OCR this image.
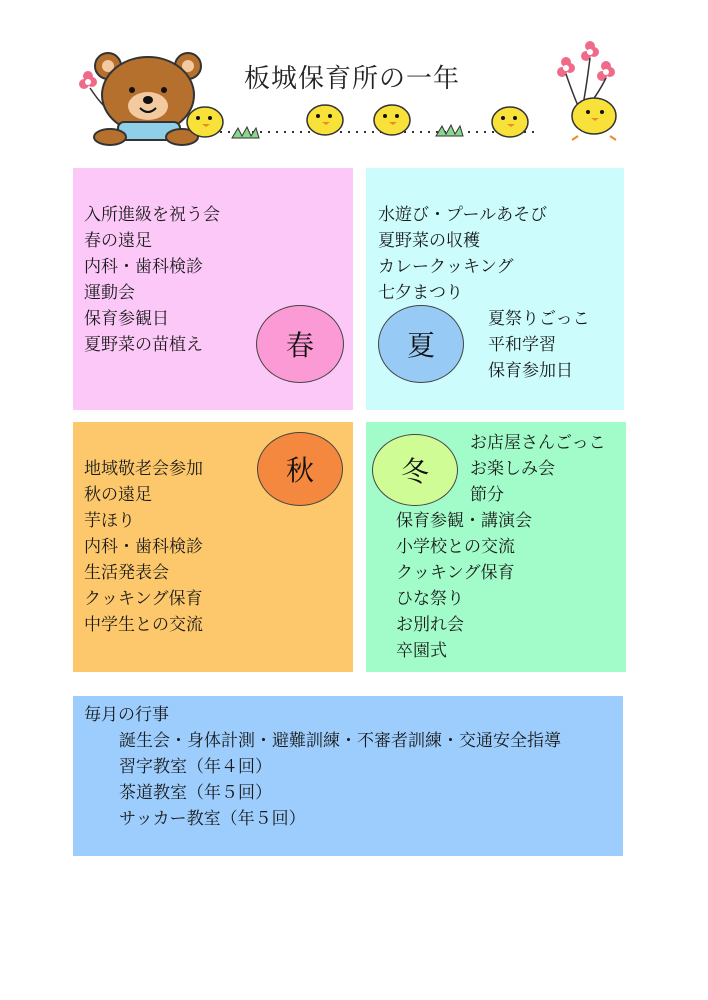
板城保育所の一年
入所進級を祝う会
春の遠足
内科・歯科検診
運動会
保育参観日
夏野菜の苗植え	春
水遊び・プールあそび
夏野菜の収穫
カレークッキング
七夕まつり
夏祭りごっこ
平和学習
保育参加日
夏
地域敬老会参加
秋の遠足
芋ほり
内科・歯科検診
生活発表会
クッキング保育
中学生との交流
秋
お店屋さんごっこ
お楽しみ会
節分
保育参観・講演会
小学校との交流
クッキング保育
ひな祭り
お別れ会
卒園式
冬
毎月の行事
誕生会・身体計測・避難訓練・不審者訓練・交通安全指導
習字教室（年４回）
茶道教室（年５回）
サッカー教室（年５回）
